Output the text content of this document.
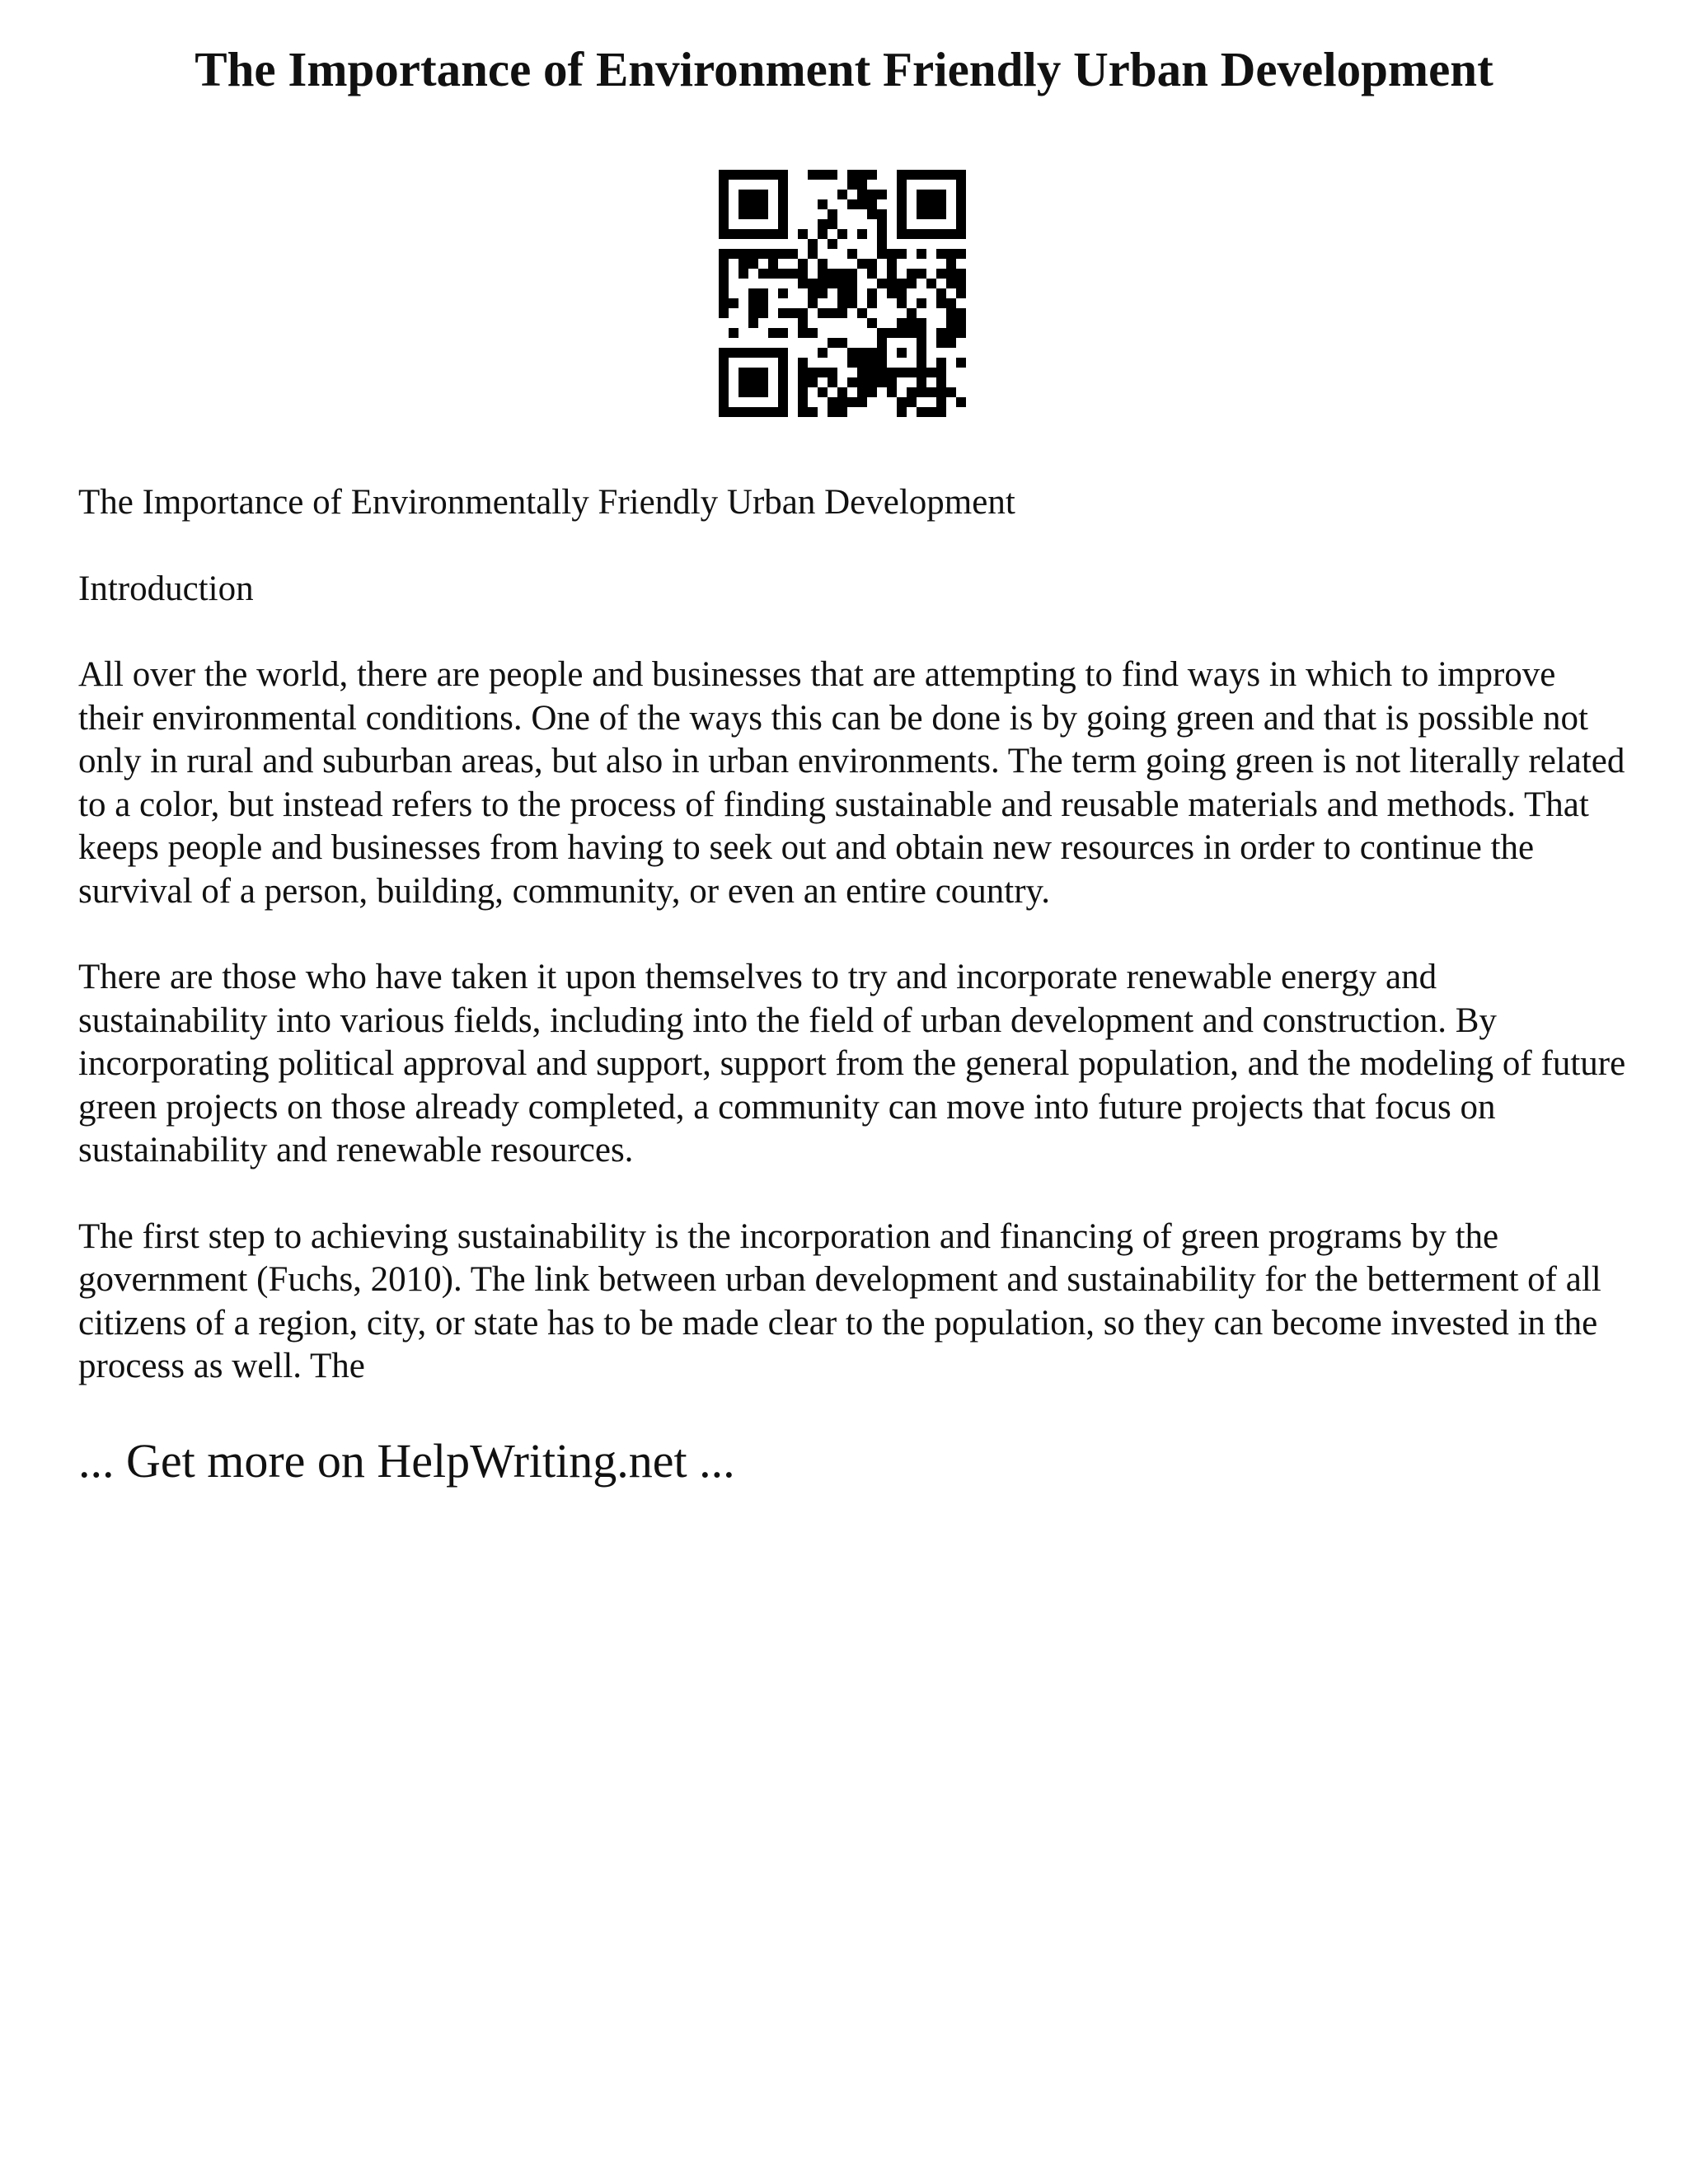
The Importance of Environment Friendly Urban Development

The Importance of Environmentally Friendly Urban Development

Introduction

All over the world, there are people and businesses that are attempting to find ways in which to improve their environmental conditions. One of the ways this can be done is by going green and that is possible not only in rural and suburban areas, but also in urban environments. The term going green is not literally related to a color, but instead refers to the process of finding sustainable and reusable materials and methods. That keeps people and businesses from having to seek out and obtain new resources in order to continue the survival of a person, building, community, or even an entire country.

There are those who have taken it upon themselves to try and incorporate renewable energy and sustainability into various fields, including into the field of urban development and construction. By incorporating political approval and support, support from the general population, and the modeling of future green projects on those already completed, a community can move into future projects that focus on sustainability and renewable resources.

The first step to achieving sustainability is the incorporation and financing of green programs by the government (Fuchs, 2010). The link between urban development and sustainability for the betterment of all citizens of a region, city, or state has to be made clear to the population, so they can become invested in the process as well. The

... Get more on HelpWriting.net ...
